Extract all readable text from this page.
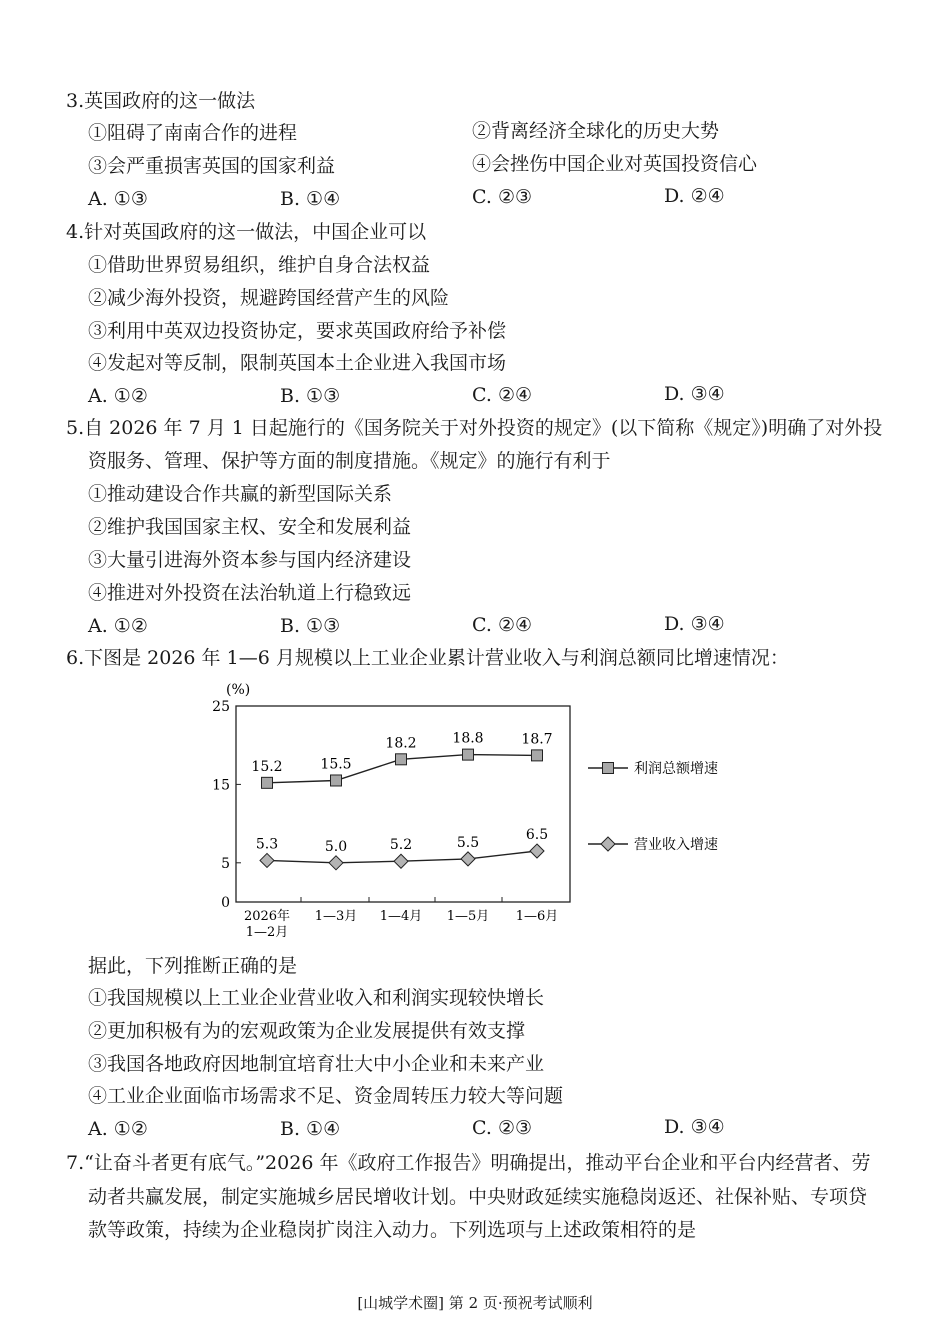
3.英国政府的这一做法
①阻碍了南南合作的进程	②背离经济全球化的历史大势
③会严重损害英国的国家利益	④会挫伤中国企业对英国投资信心
A. ①③	B. ①④	C. ②③	D. ②④
4.针对英国政府的这一做法，中国企业可以
①借助世界贸易组织，维护自身合法权益
②减少海外投资，规避跨国经营产生的风险
③利用中英双边投资协定，要求英国政府给予补偿
④发起对等反制，限制英国本土企业进入我国市场
A. ①②	B. ①③	C. ②④	D. ③④
5.自 2026 年 7 月 1 日起施行的《国务院关于对外投资的规定》(以下简称《规定》)明确了对外投
资服务、管理、保护等方面的制度措施。《规定》的施行有利于
①推动建设合作共赢的新型国际关系
②维护我国国家主权、安全和发展利益
③大量引进海外资本参与国内经济建设
④推进对外投资在法治轨道上行稳致远
A. ①②	B. ①③	C. ②④	D. ③④
6.下图是 2026 年 1—6 月规模以上工业企业累计营业收入与利润总额同比增速情况：
(%)
0
5
15
25
2026年
1—2月
1—3月 1—4月 1—5月 1—6月
15.2	15.5
18.2	18.8	18.7
5.3	5.0	5.2	5.5	6.5
利润总额增速
营业收入增速
据此，下列推断正确的是
①我国规模以上工业企业营业收入和利润实现较快增长
②更加积极有为的宏观政策为企业发展提供有效支撑
③我国各地政府因地制宜培育壮大中小企业和未来产业
④工业企业面临市场需求不足、资金周转压力较大等问题
A. ①②	B. ①④	C. ②③	D. ③④
7.“让奋斗者更有底气。”2026 年《政府工作报告》明确提出，推动平台企业和平台内经营者、劳
动者共赢发展，制定实施城乡居民增收计划。中央财政延续实施稳岗返还、社保补贴、专项贷
款等政策，持续为企业稳岗扩岗注入动力。下列选项与上述政策相符的是
[山城学术圈] 第 2 页·预祝考试顺利
